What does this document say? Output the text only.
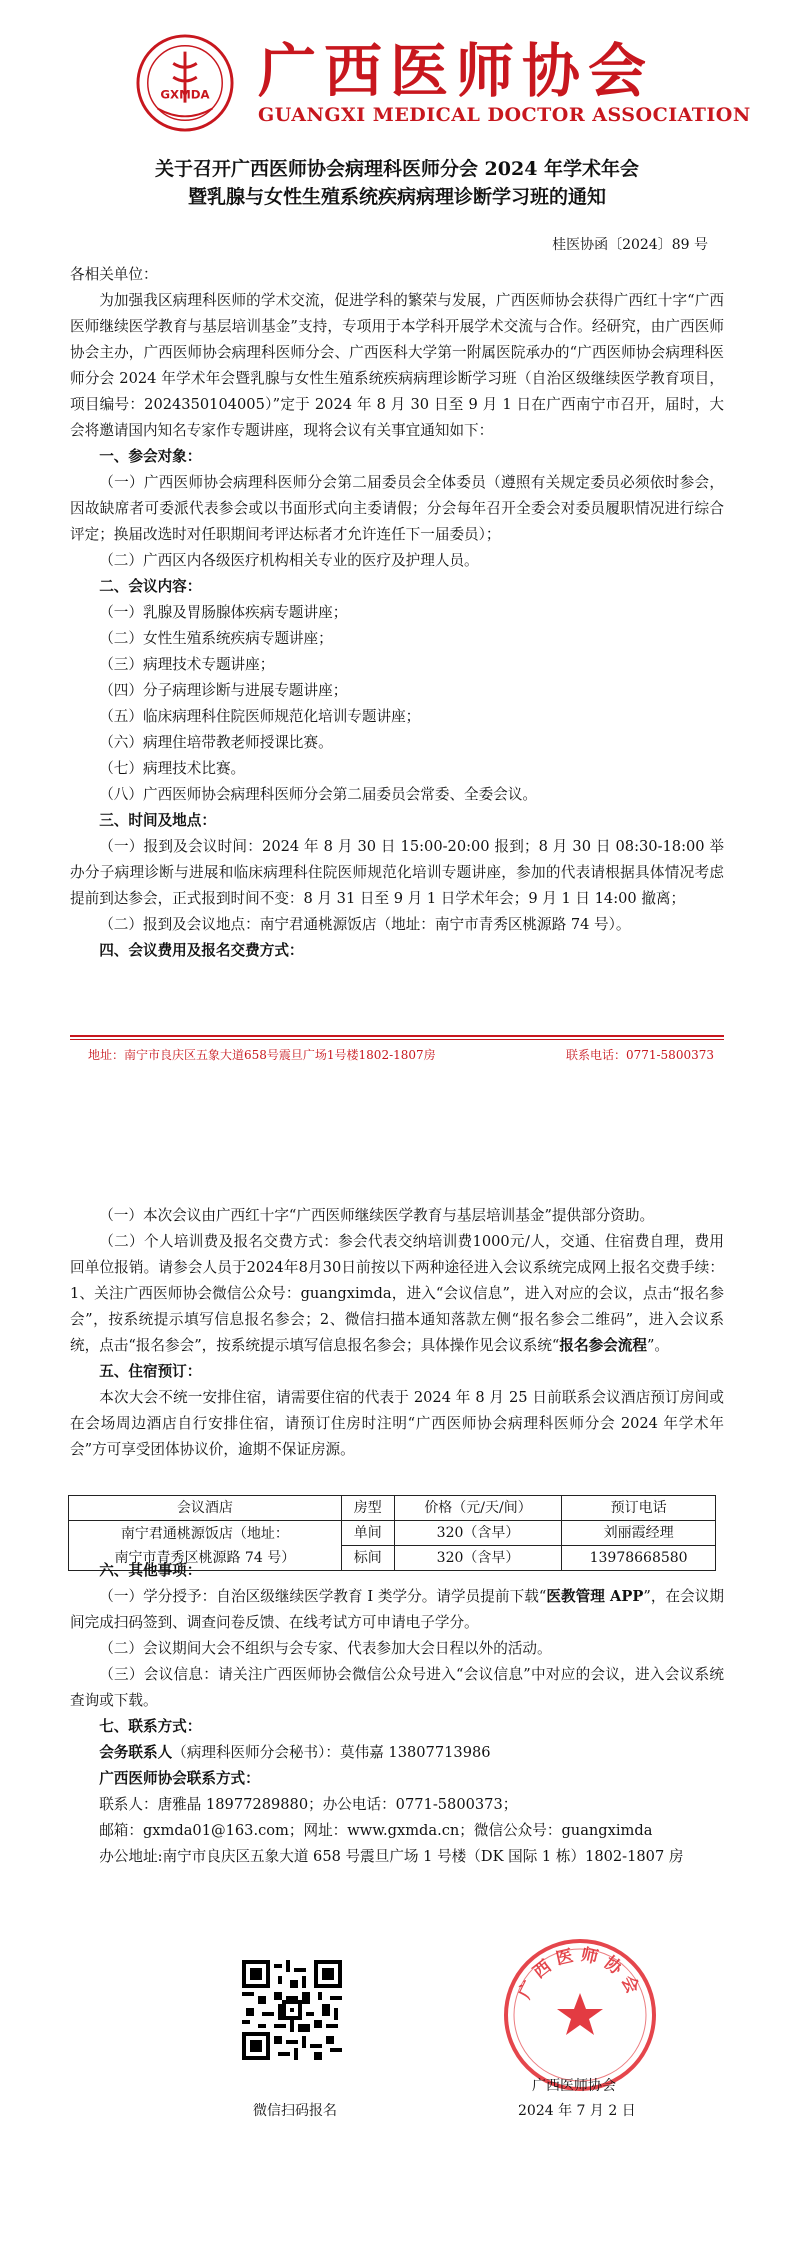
GXMDA 广西医师协会
GUANGXI MEDICAL DOCTOR ASSOCIATION
关于召开广西医师协会病理科医师分会 2024 年学术年会
暨乳腺与女性生殖系统疾病病理诊断学习班的通知
桂医协函〔2024〕89 号

各相关单位：

为加强我区病理科医师的学术交流，促进学科的繁荣与发展，广西医师协会获得广西红十字“广西医师继续医学教育与基层培训基金”支持，专项用于本学科开展学术交流与合作。经研究，由广西医师协会主办，广西医师协会病理科医师分会、广西医科大学第一附属医院承办的“广西医师协会病理科医师分会 2024 年学术年会暨乳腺与女性生殖系统疾病病理诊断学习班（自治区级继续医学教育项目，项目编号：2024350104005）”定于 2024 年 8 月 30 日至 9 月 1 日在广西南宁市召开，届时，大会将邀请国内知名专家作专题讲座，现将会议有关事宜通知如下：

一、参会对象：

（一）广西医师协会病理科医师分会第二届委员会全体委员（遵照有关规定委员必须依时参会，因故缺席者可委派代表参会或以书面形式向主委请假；分会每年召开全委会对委员履职情况进行综合评定；换届改选时对任职期间考评达标者才允许连任下一届委员）；

（二）广西区内各级医疗机构相关专业的医疗及护理人员。

二、会议内容：

（一）乳腺及胃肠腺体疾病专题讲座；

（二）女性生殖系统疾病专题讲座；

（三）病理技术专题讲座；

（四）分子病理诊断与进展专题讲座；

（五）临床病理科住院医师规范化培训专题讲座；

（六）病理住培带教老师授课比赛。

（七）病理技术比赛。

（八）广西医师协会病理科医师分会第二届委员会常委、全委会议。

三、时间及地点：

（一）报到及会议时间：2024 年 8 月 30 日 15:00-20:00 报到；8 月 30 日 08:30-18:00 举办分子病理诊断与进展和临床病理科住院医师规范化培训专题讲座，参加的代表请根据具体情况考虑提前到达参会，正式报到时间不变：8 月 31 日至 9 月 1 日学术年会；9 月 1 日 14:00 撤离；

（二）报到及会议地点：南宁君通桃源饭店（地址：南宁市青秀区桃源路 74 号）。

四、会议费用及报名交费方式：

地址：南宁市良庆区五象大道658号震旦广场1号楼1802-1807房	联系电话：0771-5800373

（一）本次会议由广西红十字“广西医师继续医学教育与基层培训基金”提供部分资助。

（二）个人培训费及报名交费方式：参会代表交纳培训费1000元/人，交通、住宿费自理，费用回单位报销。请参会人员于2024年8月30日前按以下两种途径进入会议系统完成网上报名交费手续：1、关注广西医师协会微信公众号：guangximda，进入“会议信息”，进入对应的会议，点击“报名参会”，按系统提示填写信息报名参会；2、微信扫描本通知落款左侧“报名参会二维码”，进入会议系统，点击“报名参会”，按系统提示填写信息报名参会；具体操作见会议系统“报名参会流程”。

五、住宿预订：

本次大会不统一安排住宿，请需要住宿的代表于 2024 年 8 月 25 日前联系会议酒店预订房间或在会场周边酒店自行安排住宿，请预订住房时注明“广西医师协会病理科医师分会 2024 年学术年会”方可享受团体协议价，逾期不保证房源。

会议酒店	房型	价格（元/天/间）	预订电话

南宁君通桃源饭店（地址：
南宁市青秀区桃源路 74 号）	单间	320（含早）	刘丽霞经理
	标间	320（含早）	13978668580

六、其他事项：

（一）学分授予：自治区级继续医学教育 I 类学分。请学员提前下载“医教管理 APP”，在会议期间完成扫码签到、调查问卷反馈、在线考试方可申请电子学分。

（二）会议期间大会不组织与会专家、代表参加大会日程以外的活动。

（三）会议信息：请关注广西医师协会微信公众号进入“会议信息”中对应的会议，进入会议系统查询或下载。

七、联系方式：

会务联系人（病理科医师分会秘书）：莫伟嘉 13807713986

广西医师协会联系方式：

联系人：唐雅晶 18977289880；办公电话：0771-5800373；

邮箱：gxmda01@163.com；网址：www.gxmda.cn；微信公众号：guangximda

办公地址:南宁市良庆区五象大道 658 号震旦广场 1 号楼（DK 国际 1 栋）1802-1807 房

微信扫码报名
广西医师协会
广西医师协会
2024 年 7 月 2 日
